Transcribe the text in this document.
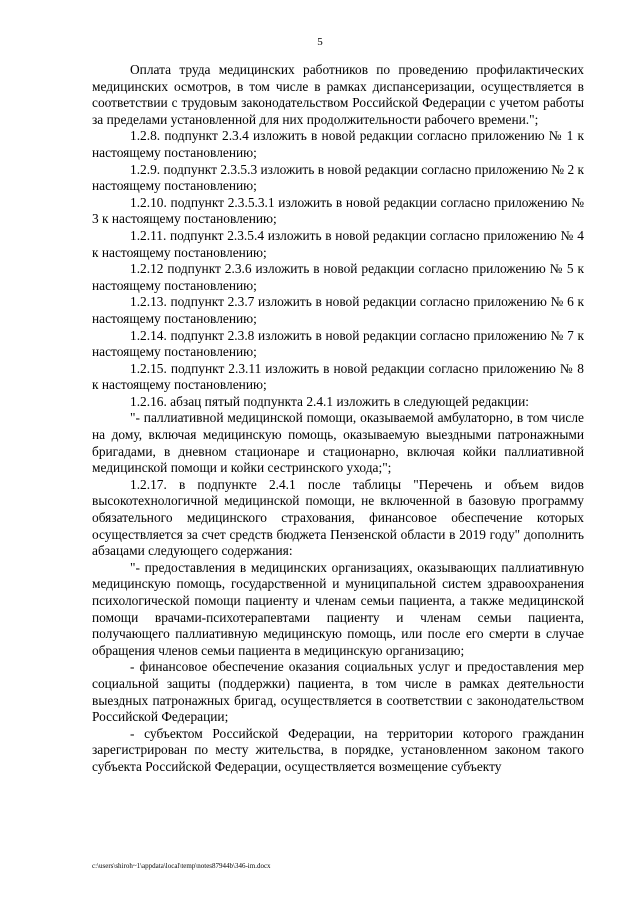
5

Оплата труда медицинских работников по проведению профилактических медицинских осмотров, в том числе в рамках диспансеризации, осуществляется в соответствии с трудовым законодательством Российской Федерации с учетом работы за пределами установленной для них продолжительности рабочего времени.";

1.2.8. подпункт 2.3.4 изложить в новой редакции согласно приложению № 1 к настоящему постановлению;

1.2.9. подпункт 2.3.5.3 изложить в новой редакции согласно приложению № 2 к настоящему постановлению;

1.2.10. подпункт 2.3.5.3.1 изложить в новой редакции согласно приложению № 3 к настоящему постановлению;

1.2.11. подпункт 2.3.5.4 изложить в новой редакции согласно приложению № 4 к настоящему постановлению;

1.2.12 подпункт 2.3.6 изложить в новой редакции согласно приложению № 5 к настоящему постановлению;

1.2.13. подпункт 2.3.7 изложить в новой редакции согласно приложению № 6 к настоящему постановлению;

1.2.14. подпункт 2.3.8 изложить в новой редакции согласно приложению № 7 к настоящему постановлению;

1.2.15. подпункт 2.3.11 изложить в новой редакции согласно приложению № 8 к настоящему постановлению;

1.2.16. абзац пятый подпункта 2.4.1 изложить в следующей редакции:

"- паллиативной медицинской помощи, оказываемой амбулаторно, в том числе на дому, включая медицинскую помощь, оказываемую выездными патронажными бригадами, в дневном стационаре и стационарно, включая койки паллиативной медицинской помощи и койки сестринского ухода;";

1.2.17. в подпункте 2.4.1 после таблицы "Перечень и объем видов высокотехнологичной медицинской помощи, не включенной в базовую программу обязательного медицинского страхования, финансовое обеспечение которых осуществляется за счет средств бюджета Пензенской области в 2019 году" дополнить абзацами следующего содержания:

"- предоставления в медицинских организациях, оказывающих паллиативную медицинскую помощь, государственной и муниципальной систем здравоохранения психологической помощи пациенту и членам семьи пациента, а также медицинской помощи врачами-психотерапевтами пациенту и членам семьи пациента, получающего паллиативную медицинскую помощь, или после его смерти в случае обращения членов семьи пациента в медицинскую организацию;

- финансовое обеспечение оказания социальных услуг и предоставления мер социальной защиты (поддержки) пациента, в том числе в рамках деятельности выездных патронажных бригад, осуществляется в соответствии с законодательством Российской Федерации;

- субъектом Российской Федерации, на территории которого гражданин зарегистрирован по месту жительства, в порядке, установленном законом такого субъекта Российской Федерации, осуществляется возмещение субъекту

c:\users\shiroh~1\appdata\local\temp\notes87944b\346-im.docx
